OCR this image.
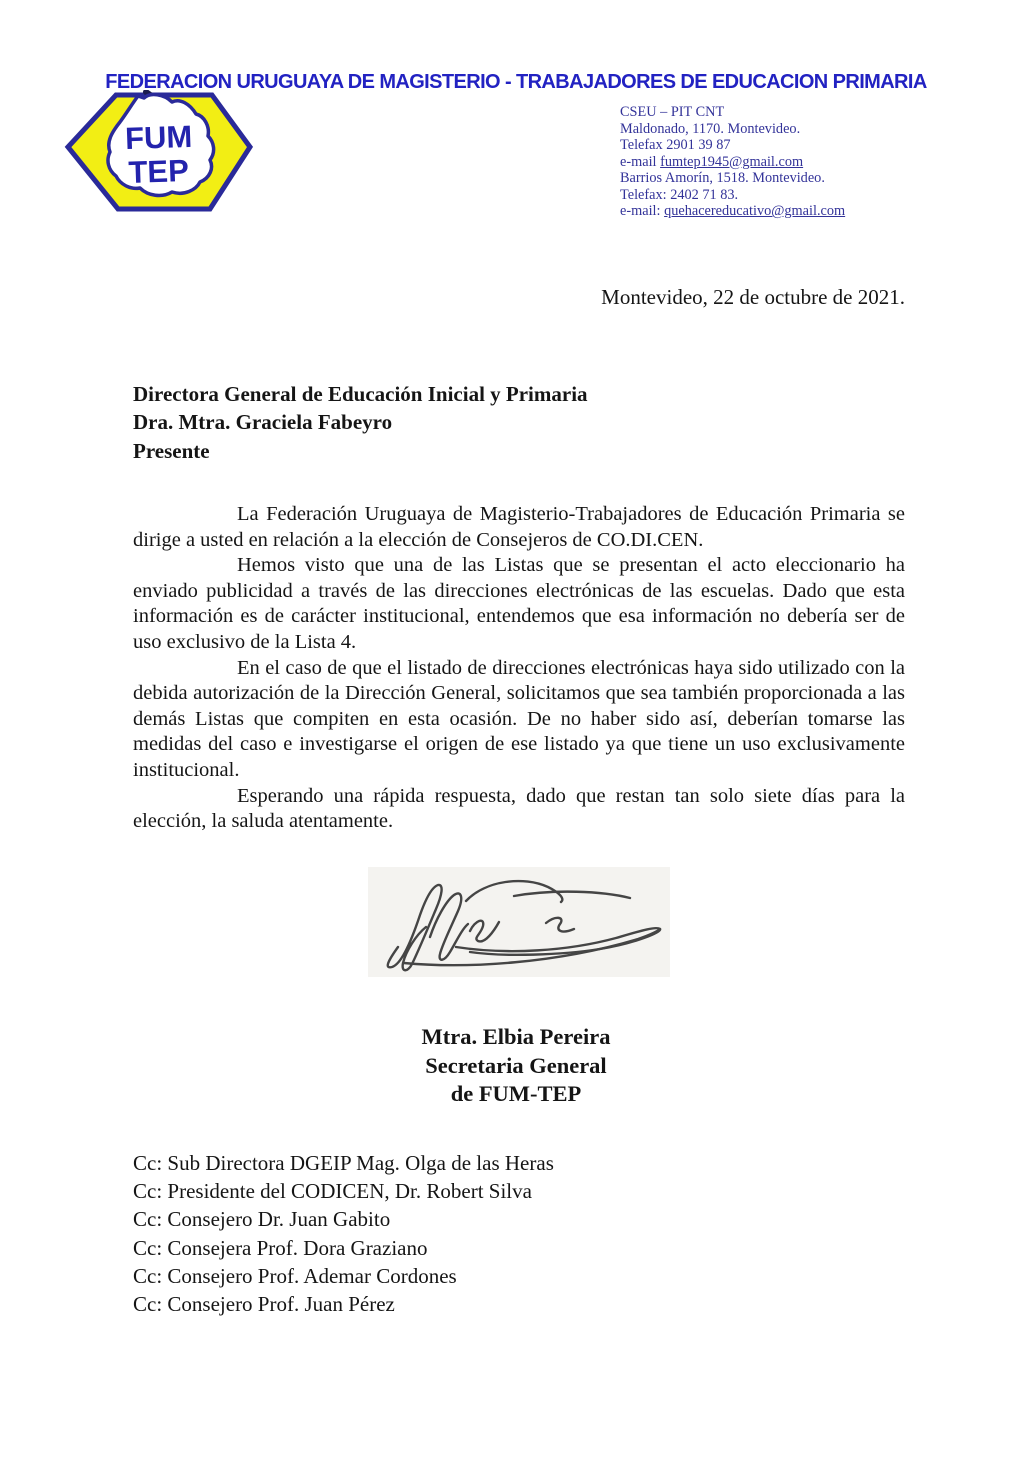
FEDERACION URUGUAYA DE MAGISTERIO - TRABAJADORES DE EDUCACION PRIMARIA
FUM
TEP
CSEU – PIT CNT
Maldonado, 1170. Montevideo.
Telefax 2901 39 87
e-mail fumtep1945@gmail.com
Barrios Amorín, 1518. Montevideo.
Telefax: 2402 71 83.
e-mail: quehacereducativo@gmail.com
Montevideo, 22 de octubre de 2021.
Directora General de Educación Inicial y Primaria
Dra. Mtra. Graciela Fabeyro
Presente

La Federación Uruguaya de Magisterio-Trabajadores de Educación Primaria se dirige a usted en relación a la elección de Consejeros de CO.DI.CEN.

Hemos visto que una de las Listas que se presentan el acto eleccionario ha enviado publicidad a través de las direcciones electrónicas de las escuelas. Dado que esta información es de carácter institucional, entendemos que esa información no debería ser de uso exclusivo de la Lista 4.

En el caso de que el listado de direcciones electrónicas haya sido utilizado con la debida autorización de la Dirección General, solicitamos que sea también proporcionada a las demás Listas que compiten en esta ocasión. De no haber sido así, deberían tomarse las medidas del caso e investigarse el origen de ese listado ya que tiene un uso exclusivamente institucional.

Esperando una rápida respuesta, dado que restan tan solo siete días para la elección, la saluda atentamente.

Mtra. Elbia Pereira
Secretaria General
de FUM-TEP
Cc: Sub Directora DGEIP Mag. Olga de las Heras
Cc: Presidente del CODICEN, Dr. Robert Silva
Cc: Consejero Dr. Juan Gabito
Cc: Consejera Prof. Dora Graziano
Cc: Consejero Prof. Ademar Cordones
Cc: Consejero Prof. Juan Pérez
